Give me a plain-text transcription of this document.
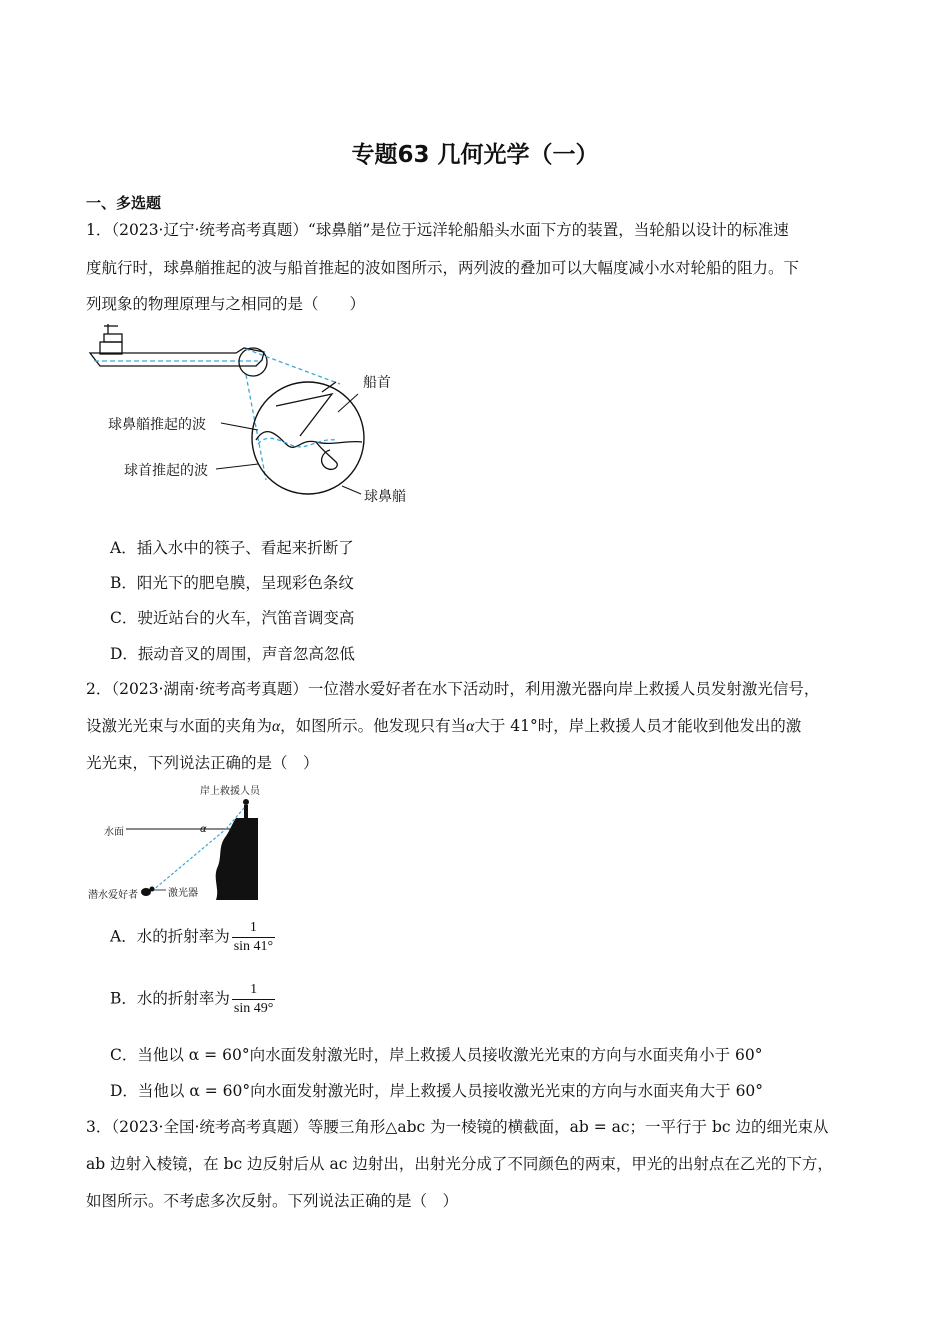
专题63 几何光学（一）
一、多选题
1．（2023·辽宁·统考高考真题）“球鼻艏”是位于远洋轮船船头水面下方的装置，当轮船以设计的标准速
度航行时，球鼻艏推起的波与船首推起的波如图所示，两列波的叠加可以大幅度减小水对轮船的阻力。下
列现象的物理原理与之相同的是（　　）
船首
球鼻艏推起的波
球首推起的波
球鼻艏
A．插入水中的筷子、看起来折断了
B．阳光下的肥皂膜，呈现彩色条纹
C．驶近站台的火车，汽笛音调变高
D．振动音叉的周围，声音忽高忽低
2．（2023·湖南·统考高考真题）一位潜水爱好者在水下活动时，利用激光器向岸上救援人员发射激光信号，
设激光光束与水面的夹角为α，如图所示。他发现只有当α大于 41°时，岸上救援人员才能收到他发出的激
光光束，下列说法正确的是（　）
岸上救援人员
水面	α
潜水爱好者	激光器
A．水的折射率为 $\frac{1}{\sin 41^\circ}$
B．水的折射率为 $\frac{1}{\sin 49^\circ}$
C．当他以 α = 60°向水面发射激光时，岸上救援人员接收激光光束的方向与水面夹角小于 60°
D．当他以 α = 60°向水面发射激光时，岸上救援人员接收激光光束的方向与水面夹角大于 60°
3．（2023·全国·统考高考真题）等腰三角形△abc 为一棱镜的横截面，ab = ac；一平行于 bc 边的细光束从
ab 边射入棱镜，在 bc 边反射后从 ac 边射出，出射光分成了不同颜色的两束，甲光的出射点在乙光的下方，
如图所示。不考虑多次反射。下列说法正确的是（　）
